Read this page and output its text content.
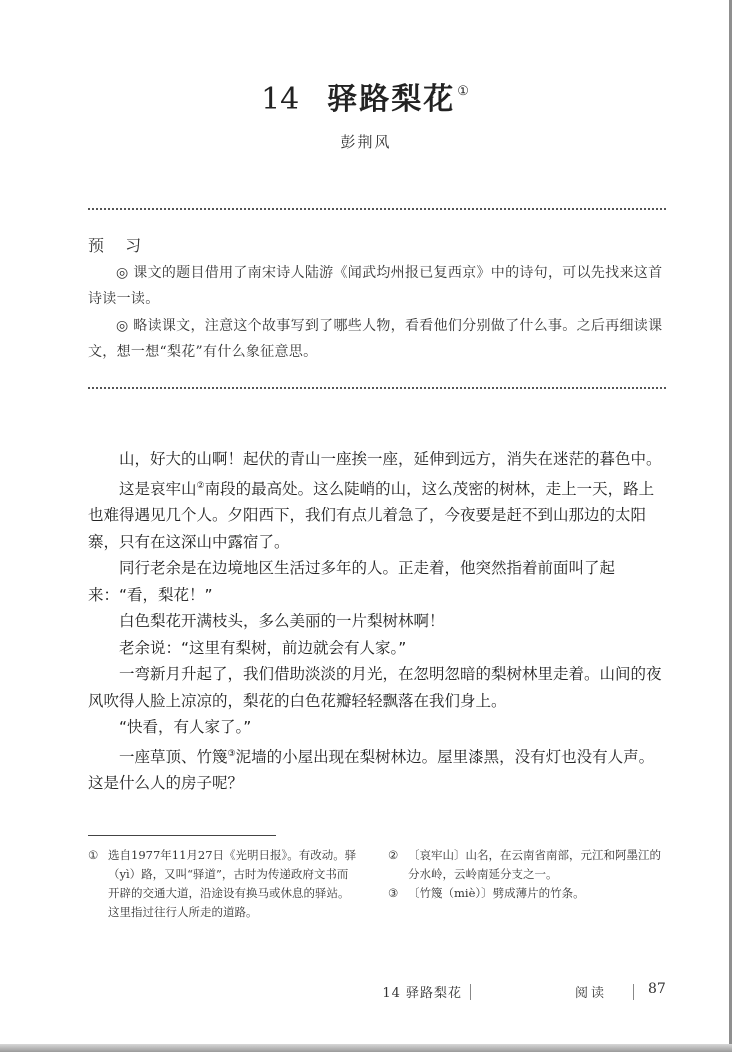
14 驿路梨花 ①
彭荆风
预 习

◎ 课文的题目借用了南宋诗人陆游《闻武均州报已复西京》中的诗句，可以先找来这首诗读一读。

◎ 略读课文，注意这个故事写到了哪些人物，看看他们分别做了什么事。之后再细读课文，想一想“梨花”有什么象征意思。

山，好大的山啊！起伏的青山一座挨一座，延伸到远方，消失在迷茫的暮色中。

这是哀牢山②南段的最高处。这么陡峭的山，这么茂密的树林，走上一天，路上也难得遇见几个人。夕阳西下，我们有点儿着急了，今夜要是赶不到山那边的太阳寨，只有在这深山中露宿了。

同行老余是在边境地区生活过多年的人。正走着，他突然指着前面叫了起来：“看，梨花！”

白色梨花开满枝头，多么美丽的一片梨树林啊！

老余说：“这里有梨树，前边就会有人家。”

一弯新月升起了，我们借助淡淡的月光，在忽明忽暗的梨树林里走着。山间的夜风吹得人脸上凉凉的，梨花的白色花瓣轻轻飘落在我们身上。

“快看，有人家了。”

一座草顶、竹篾③泥墙的小屋出现在梨树林边。屋里漆黑，没有灯也没有人声。这是什么人的房子呢？

① 选自1977年11月27日《光明日报》。有改动。驿（yì）路，又叫“驿道”，古时为传递政府文书而开辟的交通大道，沿途设有换马或休息的驿站。这里指过往行人所走的道路。
② 〔哀牢山〕山名，在云南省南部，元江和阿墨江的分水岭，云岭南延分支之一。
③ 〔竹篾（miè）〕劈成薄片的竹条。
14 驿路梨花	阅读	87
